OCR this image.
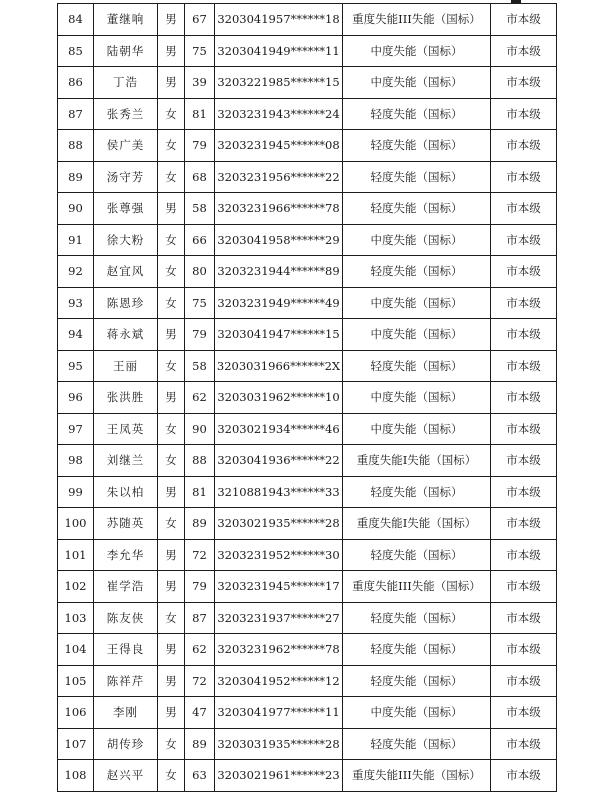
84	董继响	男	67	3203041957******18	重度失能III失能（国标）	市本级
85	陆朝华	男	75	3203041949******11	中度失能（国标）	市本级
86	丁浩	男	39	3203221985******15	中度失能（国标）	市本级
87	张秀兰	女	81	3203231943******24	轻度失能（国标）	市本级
88	侯广美	女	79	3203231945******08	轻度失能（国标）	市本级
89	汤守芳	女	68	3203231956******22	轻度失能（国标）	市本级
90	张尊强	男	58	3203231966******78	轻度失能（国标）	市本级
91	徐大粉	女	66	3203041958******29	中度失能（国标）	市本级
92	赵宜风	女	80	3203231944******89	轻度失能（国标）	市本级
93	陈恩珍	女	75	3203231949******49	中度失能（国标）	市本级
94	蒋永斌	男	79	3203041947******15	中度失能（国标）	市本级
95	王丽	女	58	3203031966******2X	轻度失能（国标）	市本级
96	张洪胜	男	62	3203031962******10	中度失能（国标）	市本级
97	王凤英	女	90	3203021934******46	中度失能（国标）	市本级
98	刘继兰	女	88	3203041936******22	重度失能Ⅰ失能（国标）	市本级
99	朱以柏	男	81	3210881943******33	轻度失能（国标）	市本级
100	苏随英	女	89	3203021935******28	重度失能Ⅰ失能（国标）	市本级
101	李允华	男	72	3203231952******30	轻度失能（国标）	市本级
102	崔学浩	男	79	3203231945******17	重度失能III失能（国标）	市本级
103	陈友侠	女	87	3203231937******27	轻度失能（国标）	市本级
104	王得良	男	62	3203231962******78	轻度失能（国标）	市本级
105	陈祥芹	男	72	3203041952******12	轻度失能（国标）	市本级
106	李刚	男	47	3203041977******11	中度失能（国标）	市本级
107	胡传珍	女	89	3203031935******28	轻度失能（国标）	市本级
108	赵兴平	女	63	3203021961******23	重度失能III失能（国标）	市本级
